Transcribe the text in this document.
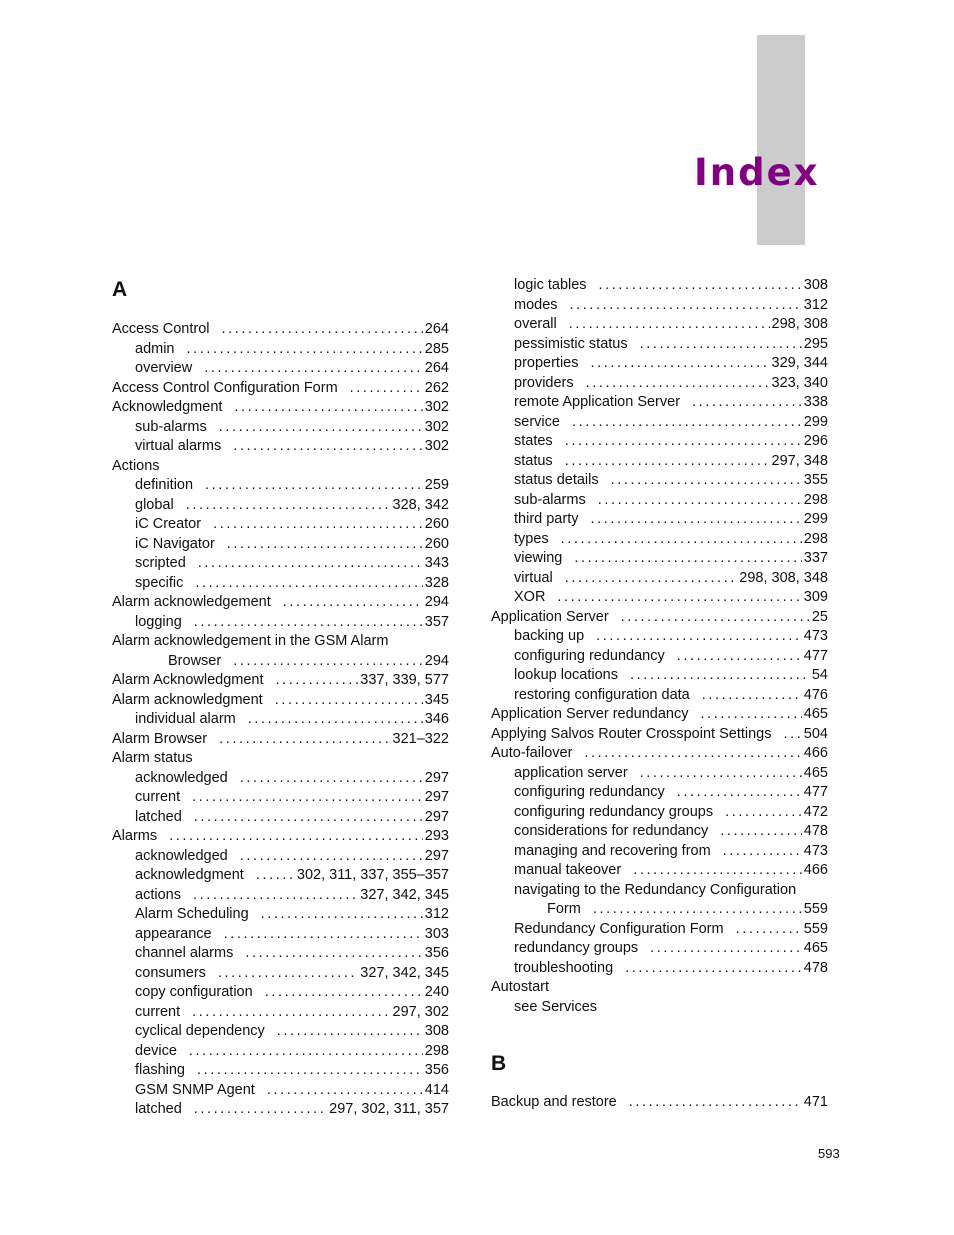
Index
A
Access Control .....	264
admin .....	285
overview .....	264
Access Control Configuration Form .....	262
Acknowledgment .....	302
sub-alarms .....	302
virtual alarms .....	302
Actions
definition .....	259
global .....	328, 342
iC Creator .....	260
iC Navigator .....	260
scripted .....	343
specific .....	328
Alarm acknowledgement .....	294
logging .....	357
Alarm acknowledgement in the GSM Alarm
Browser .....	294
Alarm Acknowledgment .....	337, 339, 577
Alarm acknowledgment .....	345
individual alarm .....	346
Alarm Browser .....	321–322
Alarm status
acknowledged .....	297
current .....	297
latched .....	297
Alarms .....	293
acknowledged .....	297
acknowledgment .....	302, 311, 337, 355–357
actions .....	327, 342, 345
Alarm Scheduling .....	312
appearance .....	303
channel alarms .....	356
consumers .....	327, 342, 345
copy configuration .....	240
current .....	297, 302
cyclical dependency .....	308
device .....	298
flashing .....	356
GSM SNMP Agent .....	414
latched .....	297, 302, 311, 357
logic tables .....	308
modes .....	312
overall .....	298, 308
pessimistic status .....	295
properties .....	329, 344
providers .....	323, 340
remote Application Server .....	338
service .....	299
states .....	296
status .....	297, 348
status details .....	355
sub-alarms .....	298
third party .....	299
types .....	298
viewing .....	337
virtual .....	298, 308, 348
XOR .....	309
Application Server .....	25
backing up .....	473
configuring redundancy .....	477
lookup locations .....	54
restoring configuration data .....	476
Application Server redundancy .....	465
Applying Salvos Router Crosspoint Settings ..... 504
Auto-failover .....	466
application server .....	465
configuring redundancy .....	477
configuring redundancy groups .....	472
considerations for redundancy .....	478
managing and recovering from .....	473
manual takeover .....	466
navigating to the Redundancy Configuration
Form .....	559
Redundancy Configuration Form .....	559
redundancy groups .....	465
troubleshooting .....	478
Autostart
see Services
B
Backup and restore .....	471
593
